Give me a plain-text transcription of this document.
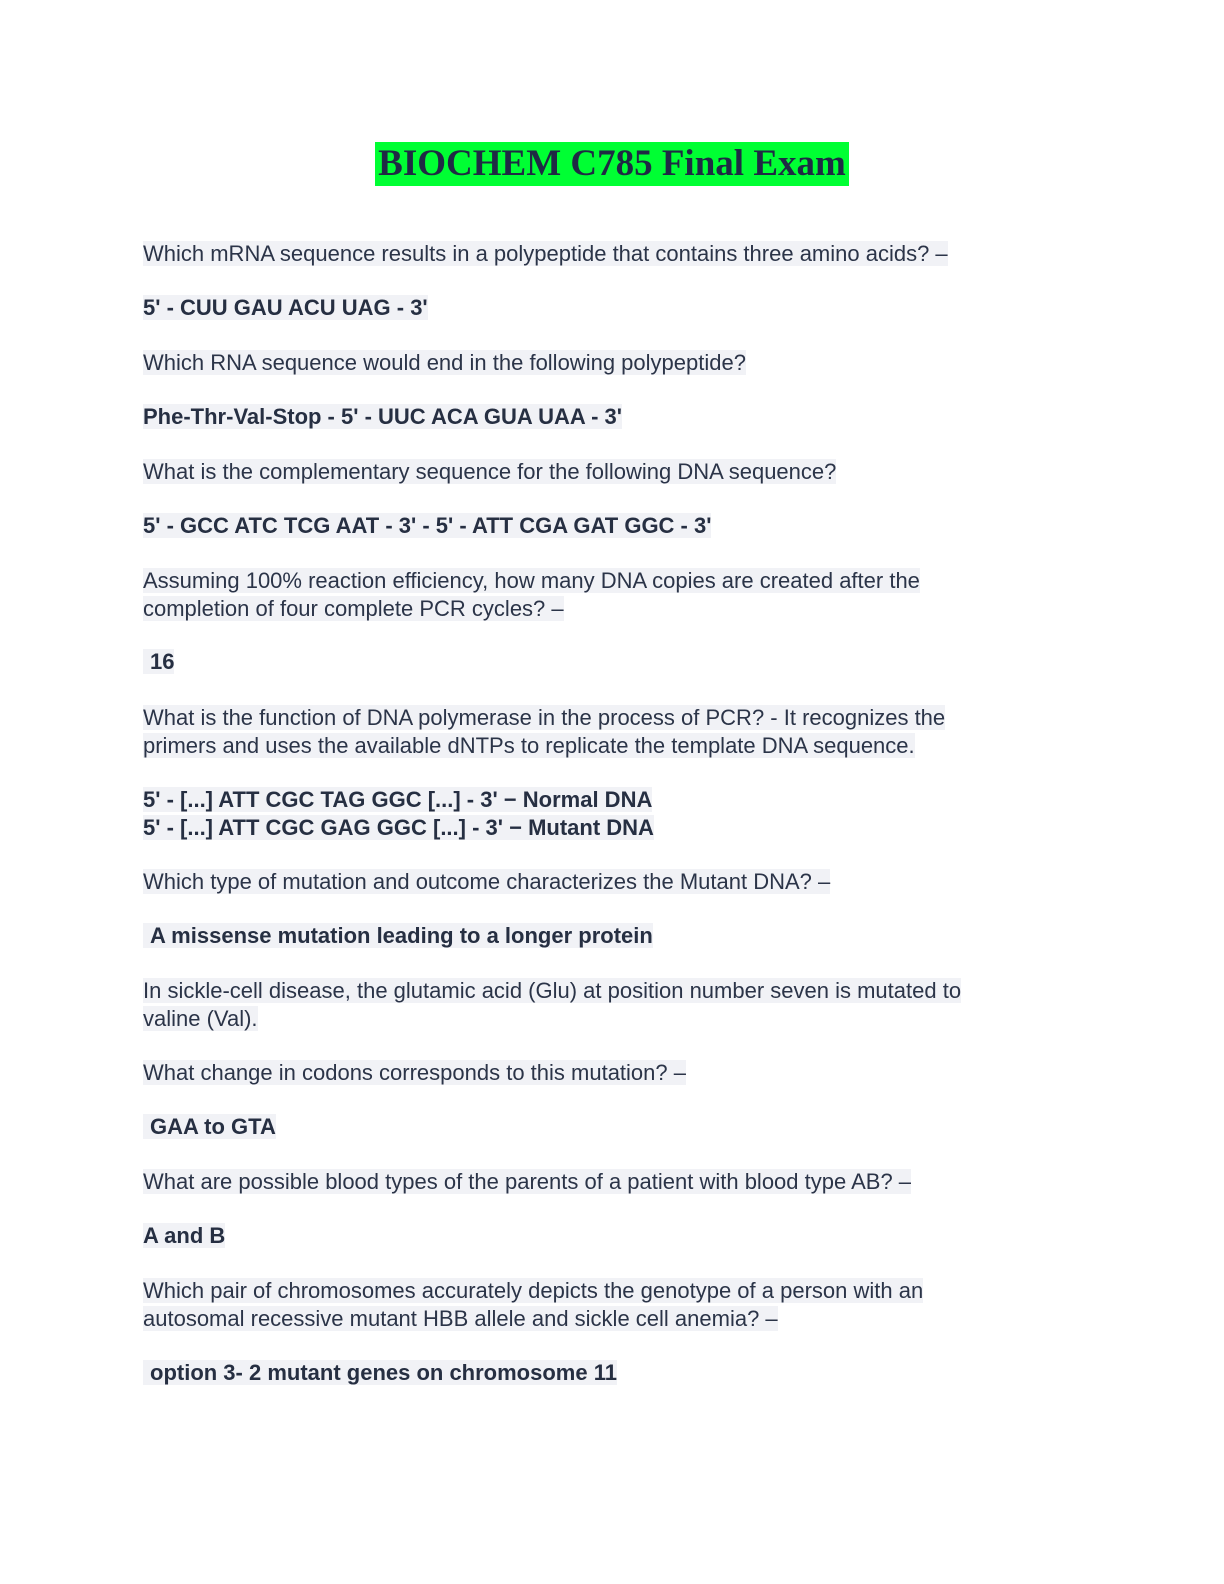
BIOCHEM C785 Final Exam
Which mRNA sequence results in a polypeptide that contains three amino acids? –
5' - CUU GAU ACU UAG - 3'
Which RNA sequence would end in the following polypeptide?
Phe-Thr-Val-Stop - 5' - UUC ACA GUA UAA - 3'
What is the complementary sequence for the following DNA sequence?
5' - GCC ATC TCG AAT - 3' - 5' - ATT CGA GAT GGC - 3'
Assuming 100% reaction efficiency, how many DNA copies are created after the
completion of four complete PCR cycles? –
16
What is the function of DNA polymerase in the process of PCR? - It recognizes the
primers and uses the available dNTPs to replicate the template DNA sequence.
5' - [...] ATT CGC TAG GGC [...] - 3' − Normal DNA
5' - [...] ATT CGC GAG GGC [...] - 3' − Mutant DNA
Which type of mutation and outcome characterizes the Mutant DNA? –
A missense mutation leading to a longer protein
In sickle-cell disease, the glutamic acid (Glu) at position number seven is mutated to
valine (Val).
What change in codons corresponds to this mutation? –
GAA to GTA
What are possible blood types of the parents of a patient with blood type AB? –
A and B
Which pair of chromosomes accurately depicts the genotype of a person with an
autosomal recessive mutant HBB allele and sickle cell anemia? –
option 3- 2 mutant genes on chromosome 11
